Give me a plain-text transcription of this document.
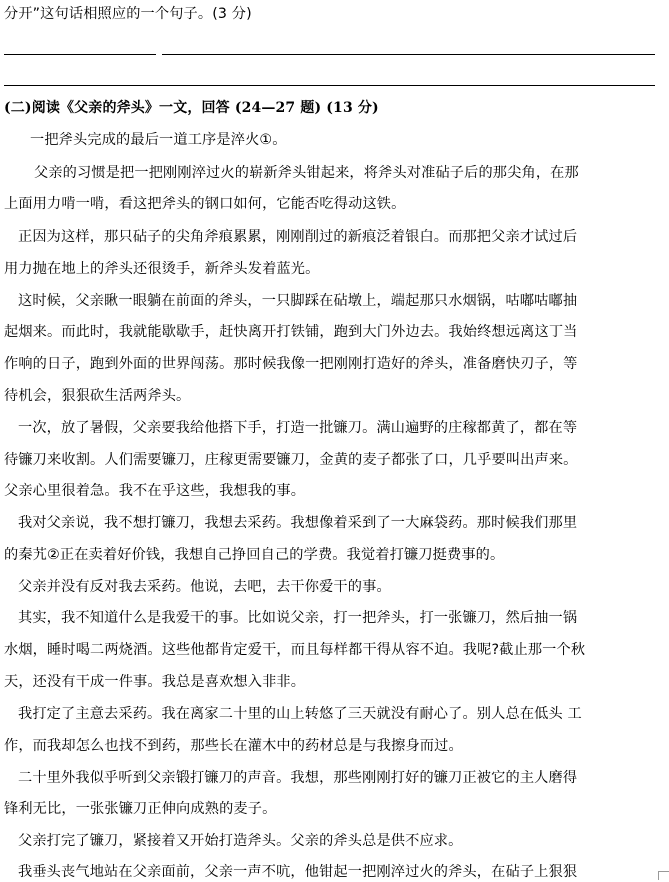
分开”这句话相照应的一个句子。(3 分)
(二)阅读《父亲的斧头》一文，回答 (24—27 题) (13 分)
一把斧头完成的最后一道工序是淬火①。
父亲的习惯是把一把刚刚淬过火的崭新斧头钳起来，将斧头对准砧子后的那尖角，在那
上面用力啃一啃，看这把斧头的钢口如何，它能否吃得动这铁。
正因为这样，那只砧子的尖角斧痕累累，刚刚削过的新痕泛着银白。而那把父亲才试过后
用力抛在地上的斧头还很烫手，新斧头发着蓝光。
这时候，父亲瞅一眼躺在前面的斧头，一只脚踩在砧墩上，端起那只水烟锅，咕嘟咕嘟抽
起烟来。而此时，我就能歇歇手，赶快离开打铁铺，跑到大门外边去。我始终想远离这丁当
作响的日子，跑到外面的世界闯荡。那时候我像一把刚刚打造好的斧头，准备磨快刃子，等
待机会，狠狠砍生活两斧头。
一次，放了暑假，父亲要我给他搭下手，打造一批镰刀。满山遍野的庄稼都黄了，都在等
待镰刀来收割。人们需要镰刀，庄稼更需要镰刀，金黄的麦子都张了口，几乎要叫出声来。
父亲心里很着急。我不在乎这些，我想我的事。
我对父亲说，我不想打镰刀，我想去采药。我想像着采到了一大麻袋药。那时候我们那里
的秦艽②正在卖着好价钱，我想自己挣回自己的学费。我觉着打镰刀挺费事的。
父亲并没有反对我去采药。他说，去吧，去干你爱干的事。
其实，我不知道什么是我爱干的事。比如说父亲，打一把斧头，打一张镰刀，然后抽一锅
水烟，睡时喝二两烧酒。这些他都肯定爱干，而且每样都干得从容不迫。我呢?截止那一个秋
天，还没有干成一件事。我总是喜欢想入非非。
我打定了主意去采药。我在离家二十里的山上转悠了三天就没有耐心了。别人总在低头 工
作，而我却怎么也找不到药，那些长在灌木中的药材总是与我擦身而过。
二十里外我似乎听到父亲锻打镰刀的声音。我想，那些刚刚打好的镰刀正被它的主人磨得
锋利无比，一张张镰刀正伸向成熟的麦子。
父亲打完了镰刀，紧接着又开始打造斧头。父亲的斧头总是供不应求。
我垂头丧气地站在父亲面前，父亲一声不吭，他钳起一把刚淬过火的斧头，在砧子上狠狠
